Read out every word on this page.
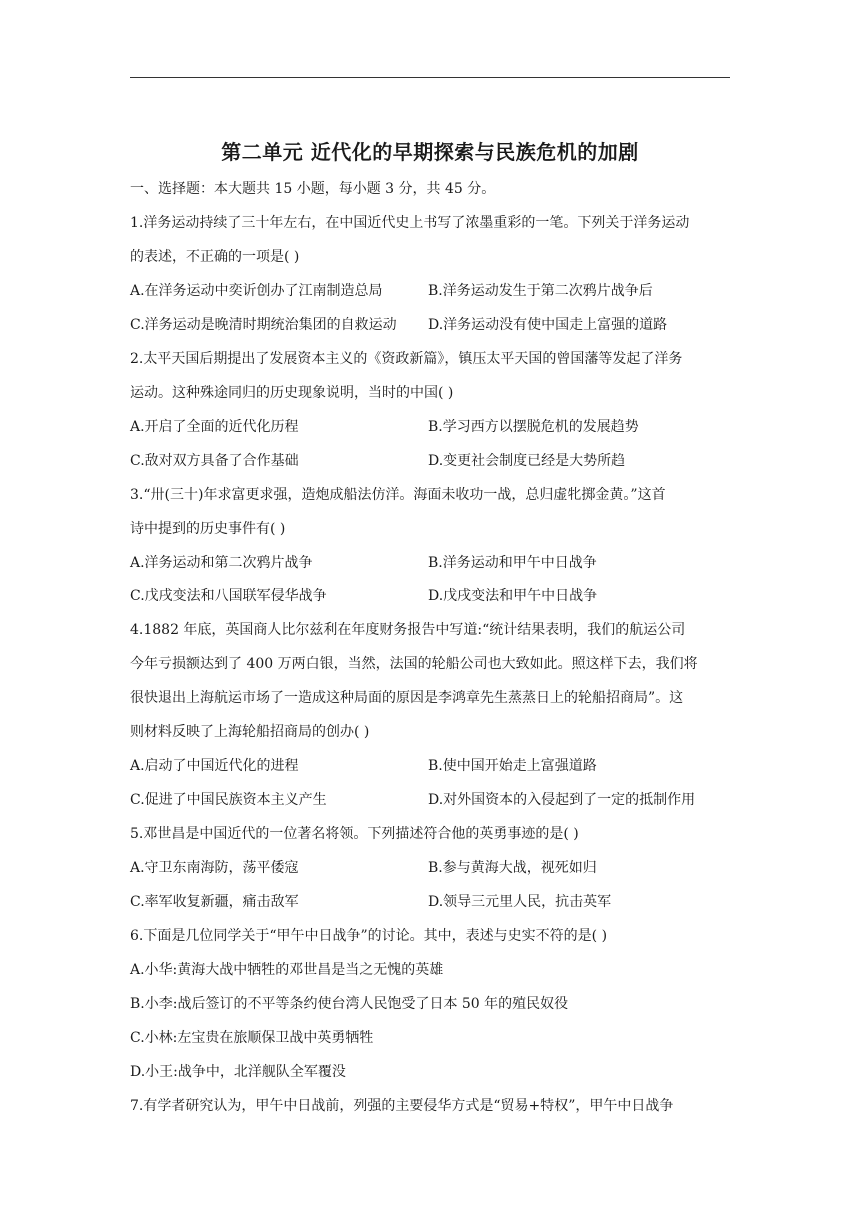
第二单元 近代化的早期探索与民族危机的加剧
一、选择题：本大题共 15 小题，每小题 3 分，共 45 分。
1.洋务运动持续了三十年左右，在中国近代史上书写了浓墨重彩的一笔。下列关于洋务运动
的表述，不正确的一项是( )
A.在洋务运动中奕䜣创办了江南制造总局	B.洋务运动发生于第二次鸦片战争后
C.洋务运动是晚清时期统治集团的自救运动 D.洋务运动没有使中国走上富强的道路
2.太平天国后期提出了发展资本主义的《资政新篇》，镇压太平天国的曾国藩等发起了洋务
运动。这种殊途同归的历史现象说明，当时的中国( )
A.开启了全面的近代化历程	B.学习西方以摆脱危机的发展趋势
C.敌对双方具备了合作基础	D.变更社会制度已经是大势所趋
3.“卅(三十)年求富更求强，造炮成船法仿洋。海面未收功一战，总归虚牝掷金黄。”这首
诗中提到的历史事件有( )
A.洋务运动和第二次鸦片战争	B.洋务运动和甲午中日战争
C.戊戌变法和八国联军侵华战争	D.戊戌变法和甲午中日战争
4.1882 年底，英国商人比尔兹利在年度财务报告中写道:“统计结果表明，我们的航运公司
今年亏损额达到了 400 万两白银，当然，法国的轮船公司也大致如此。照这样下去，我们将
很快退出上海航运市场了一造成这种局面的原因是李鸿章先生蒸蒸日上的轮船招商局”。这
则材料反映了上海轮船招商局的创办( )
A.启动了中国近代化的进程	B.使中国开始走上富强道路
C.促进了中国民族资本主义产生	D.对外国资本的入侵起到了一定的抵制作用
5.邓世昌是中国近代的一位著名将领。下列描述符合他的英勇事迹的是( )
A.守卫东南海防，荡平倭寇	B.参与黄海大战，视死如归
C.率军收复新疆，痛击敌军	D.领导三元里人民，抗击英军
6.下面是几位同学关于“甲午中日战争”的讨论。其中，表述与史实不符的是( )
A.小华:黄海大战中牺牲的邓世昌是当之无愧的英雄
B.小李:战后签订的不平等条约使台湾人民饱受了日本 50 年的殖民奴役
C.小林:左宝贵在旅顺保卫战中英勇牺牲
D.小王:战争中，北洋舰队全军覆没
7.有学者研究认为，甲午中日战前，列强的主要侵华方式是“贸易+特权”，甲午中日战争
